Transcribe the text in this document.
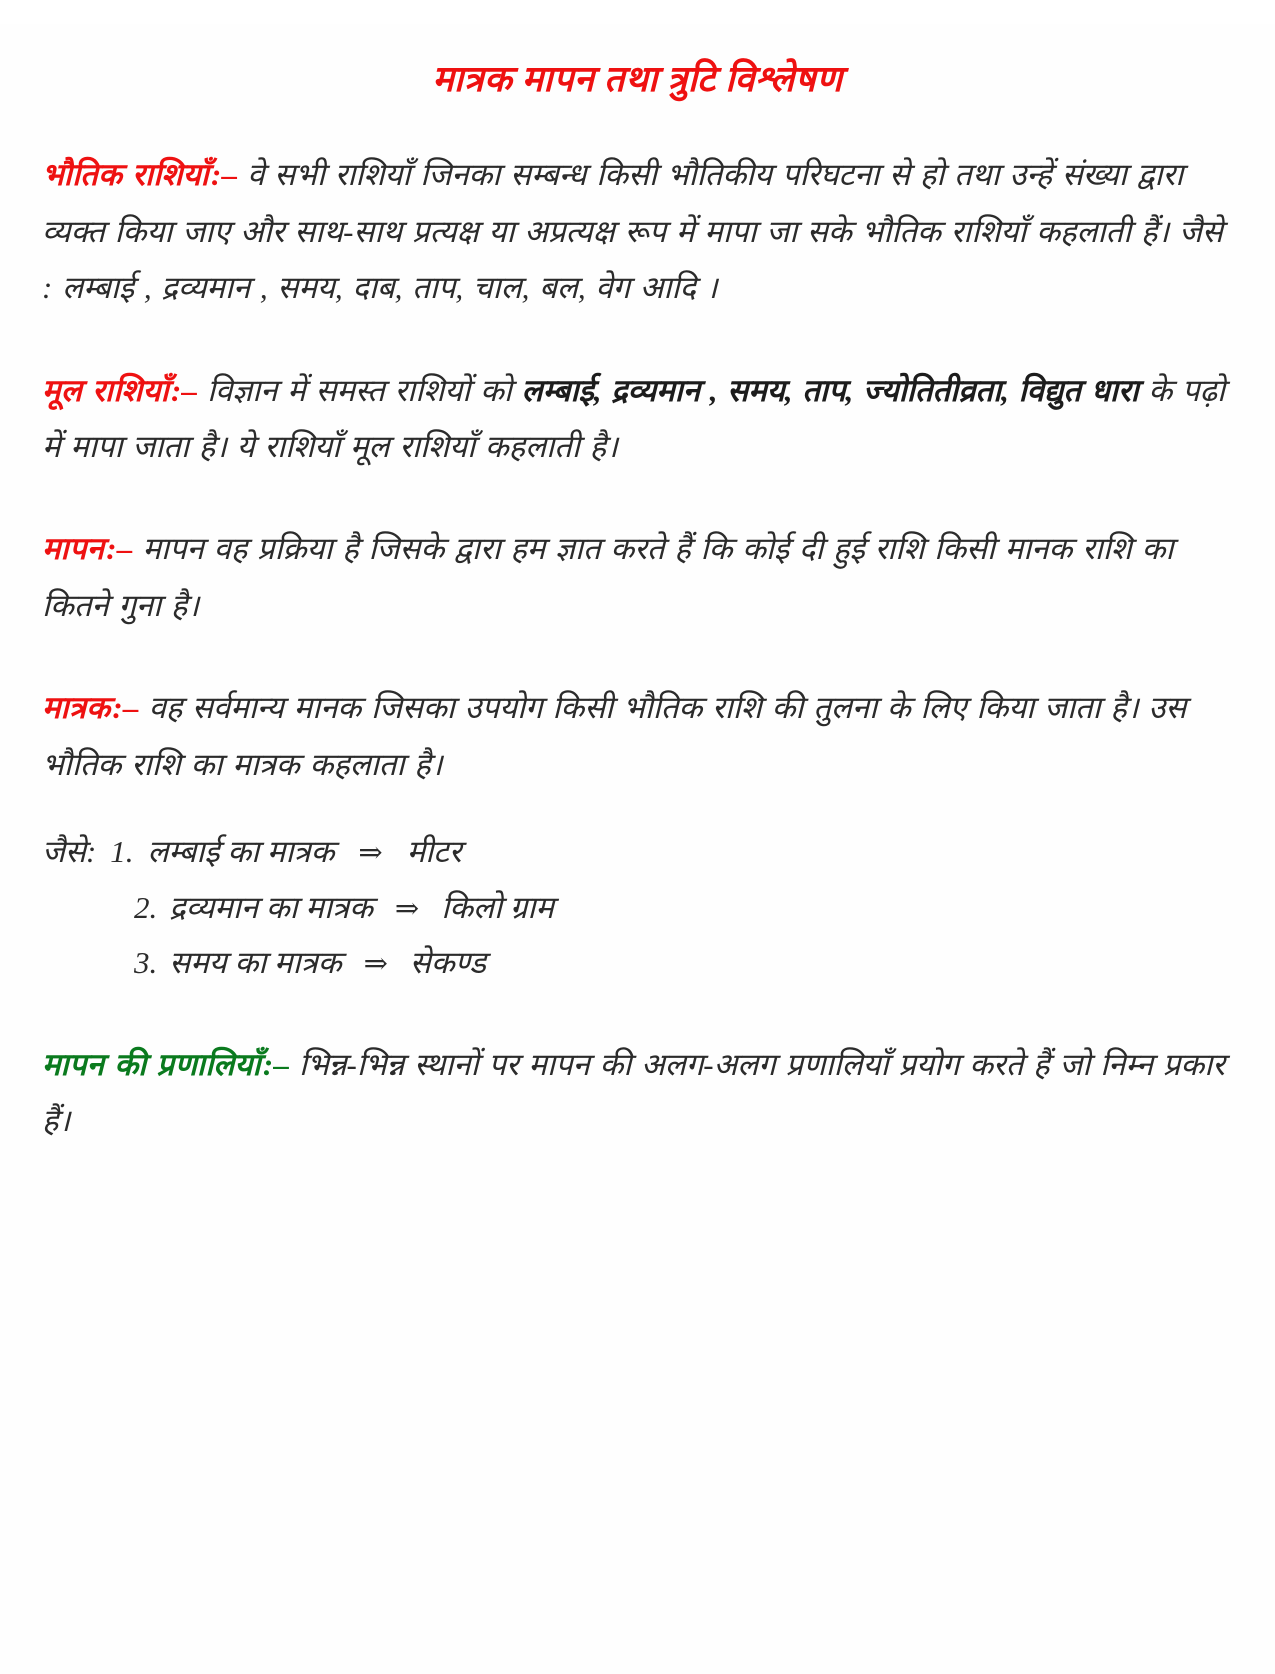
मात्रक मापन तथा त्रुटि विश्लेषण

भौतिक राशियाँ:– वे सभी राशियाँ जिनका सम्बन्ध किसी भौतिकीय परिघटना से हो तथा उन्हें संख्या द्वारा व्यक्त किया जाए और साथ-साथ प्रत्यक्ष या अप्रत्यक्ष रूप में मापा जा सके भौतिक राशियाँ कहलाती हैं। जैसे : लम्बाई , द्रव्यमान , समय, दाब, ताप, चाल, बल, वेग आदि ।

मूल राशियाँ:– विज्ञान में समस्त राशियों को लम्बाई, द्रव्यमान , समय, ताप, ज्योतितीव्रता, विद्युत धारा के पढ़ो में मापा जाता है। ये राशियाँ मूल राशियाँ कहलाती है।

मापन:– मापन वह प्रक्रिया है जिसके द्वारा हम ज्ञात करते हैं कि कोई दी हुई राशि किसी मानक राशि का कितने गुना है।

मात्रक:– वह सर्वमान्य मानक जिसका उपयोग किसी भौतिक राशि की तुलना के लिए किया जाता है। उस भौतिक राशि का मात्रक कहलाता है।

जैसे: 1. लम्बाई का मात्रक ⇒ मीटर
2. द्रव्यमान का मात्रक ⇒ किलो ग्राम
3. समय का मात्रक ⇒ सेकण्ड

मापन की प्रणालियाँ:– भिन्न-भिन्न स्थानों पर मापन की अलग-अलग प्रणालियाँ प्रयोग करते हैं जो निम्न प्रकार हैं।
